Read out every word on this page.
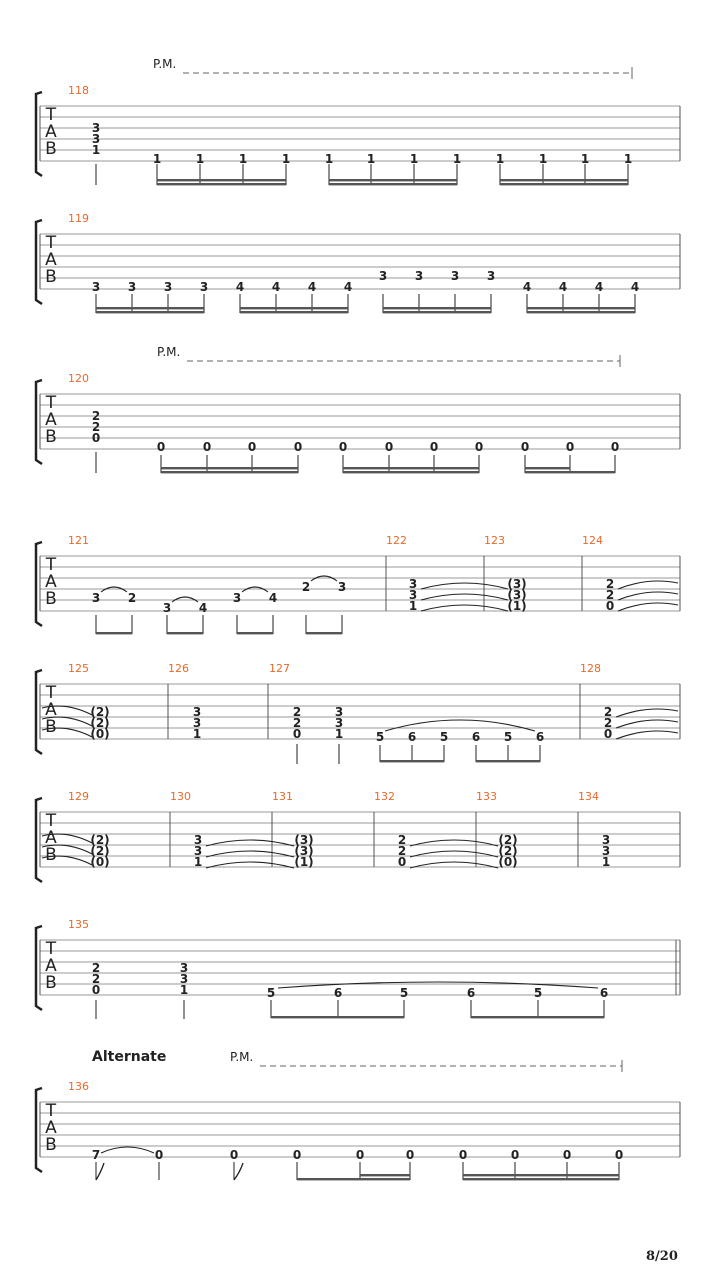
P.M.
T
A
B
118
3
3
1
1	1	1	1	1	1	1	1	1	1	1	1
T
A
B
119
3 3 3 3 4 4 4 4
3 3 3 3
4 4 4 4
P.M.
T
A
B
120
2
2
0
0	0	0	0	0	0	0	0	0	0	0
T
A
B
121	122	123	124
3 2
3 4
3 4
2 3	3
3
1
(3)
(3)
(1)
2
2
0
T
A
B
125	126	127	128
(2)
(2)
(0)
3
3
1
2
2
0
3
3
1	5 6 5 6 5 6
2
2
0
T
A
B
129	130	131	132	133	134
(2)
(2)
(0)
3
3
1
(3)
(3)
(1)
2
2
0
(2)
(2)
(0)
3
3
1
T
A
B
135
2
2
0
3
3
1	5	6	5	6	5	6
Alternate	P.M.
T
A
B
136
7	0	0	0	0	0	0	0	0	0
8/20
